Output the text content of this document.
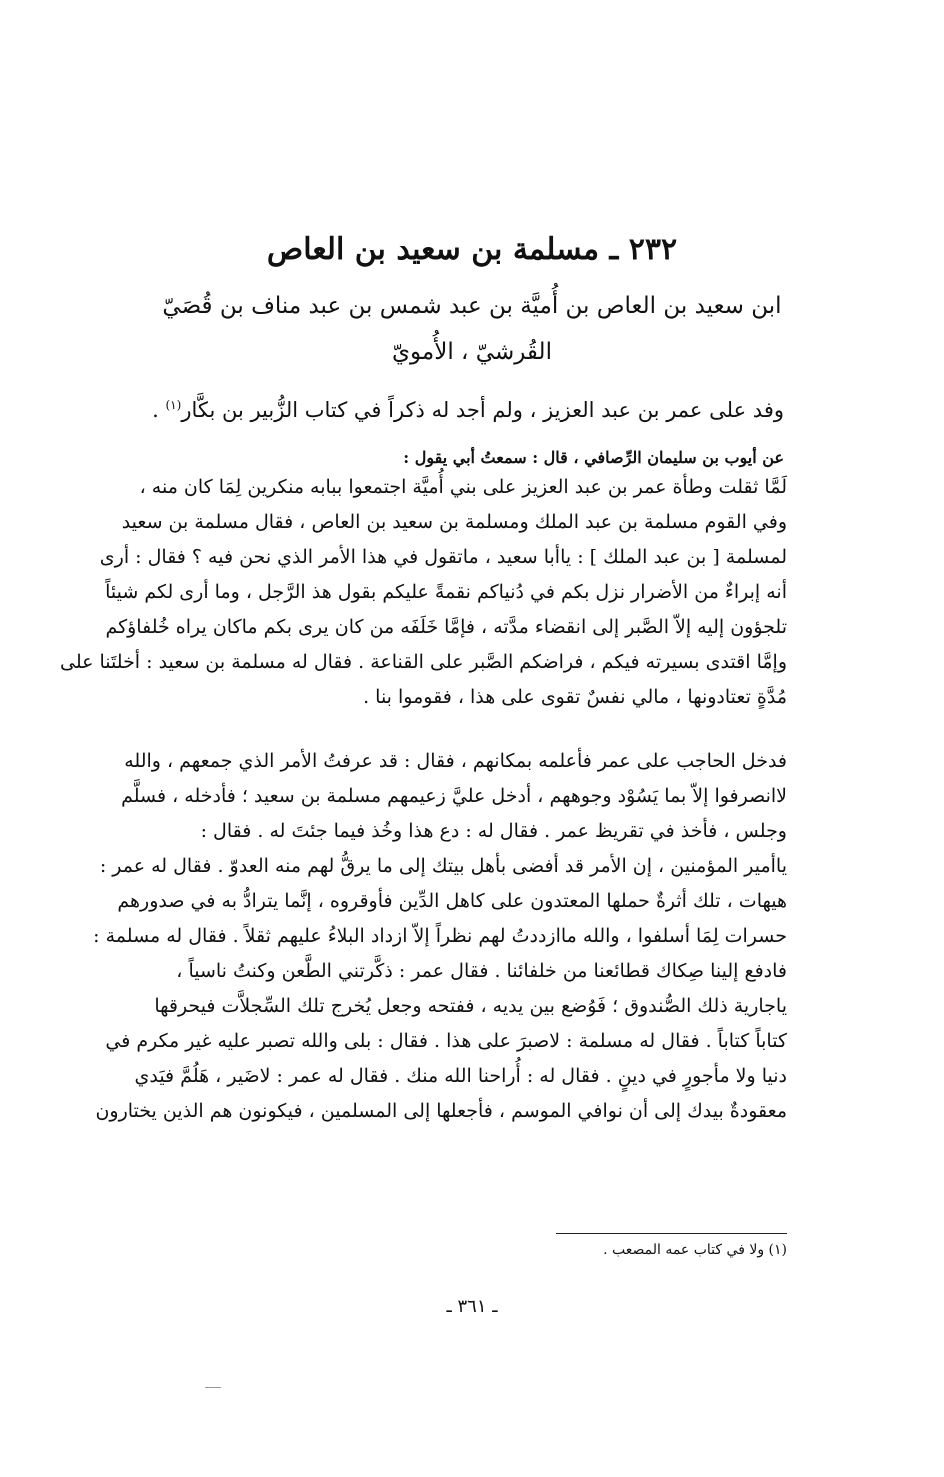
٢٣٢ ـ مسلمة بن سعيد بن العاص
ابن سعيد بن العاص بن أُميَّة بن عبد شمس بن عبد مناف بن قُصَيّ
القُرشيّ ، الأُمويّ
وفد على عمر بن عبد العزيز ، ولم أجد له ذكراً في كتاب الزُّبير بن بكَّار$^{(١)}$ .
عن أيوب بن سليمان الرِّصافي ، قال : سمعتُ أبي يقول :
لَمَّا ثقلت وطأة عمر بن عبد العزيز على بني أُميَّة اجتمعوا ببابه منكرين لِمَا كان منه ،
وفي القوم مسلمة بن عبد الملك ومسلمة بن سعيد بن العاص ، فقال مسلمة بن سعيد
لمسلمة [ بن عبد الملك ] : ياأبا سعيد ، ماتقول في هذا الأمر الذي نحن فيه ؟ فقال : أرى
أنه إبراءٌ من الأضرار نزل بكم في دُنياكم نقمةً عليكم بقول هذ الرَّجل ، وما أرى لكم شيئاً
تلجؤون إليه إلاّ الصَّبر إلى انقضاء مدَّته ، فإمَّا خَلَفَه من كان يرى بكم ماكان يراه خُلفاؤكم
وإمَّا اقتدى بسيرته فيكم ، فراضكم الصَّبر على القناعة . فقال له مسلمة بن سعيد : أخلتَنا على
مُدَّةٍ تعتادونها ، مالي نفسٌ تقوى على هذا ، فقوموا بنا .
فدخل الحاجب على عمر فأعلمه بمكانهم ، فقال : قد عرفتُ الأمر الذي جمعهم ، والله
لاانصرفوا إلاّ بما يَسُوْد وجوههم ، أدخل عليَّ زعيمهم مسلمة بن سعيد ؛ فأدخله ، فسلَّم
وجلس ، فأخذ في تقريظ عمر . فقال له : دع هذا وخُذ فيما جئتَ له . فقال :
ياأمير المؤمنين ، إن الأمر قد أفضى بأهل بيتك إلى ما يرقُّ لهم منه العدوّ . فقال له عمر :
هيهات ، تلك أثرةٌ حملها المعتدون على كاهل الدِّين فأوقروه ، إنَّما يترادُّ به في صدورهم
حسرات لِمَا أسلفوا ، والله ماازددتُ لهم نظراً إلاّ ازداد البلاءُ عليهم ثقلاً . فقال له مسلمة :
فادفع إلينا صِكاك قطائعنا من خلفائنا . فقال عمر : ذكَّرتني الطَّعن وكنتُ ناسياً ،
ياجارية ذلك الصُّندوق ؛ فَوُضع بين يديه ، ففتحه وجعل يُخرج تلك السِّجلاَّت فيحرقها
كتاباً كتاباً . فقال له مسلمة : لاصبرَ على هذا . فقال : بلى والله تصبر عليه غير مكرم في
دنيا ولا مأجورٍ في دينٍ . فقال له : أُراحنا الله منك . فقال له عمر : لاضَير ، هَلُمَّ فيَدي
معقودةٌ بيدك إلى أن نوافي الموسم ، فأجعلها إلى المسلمين ، فيكونون هم الذين يختارون
(١) ولا في كتاب عمه المصعب .
ـ ٣٦١ ـ
